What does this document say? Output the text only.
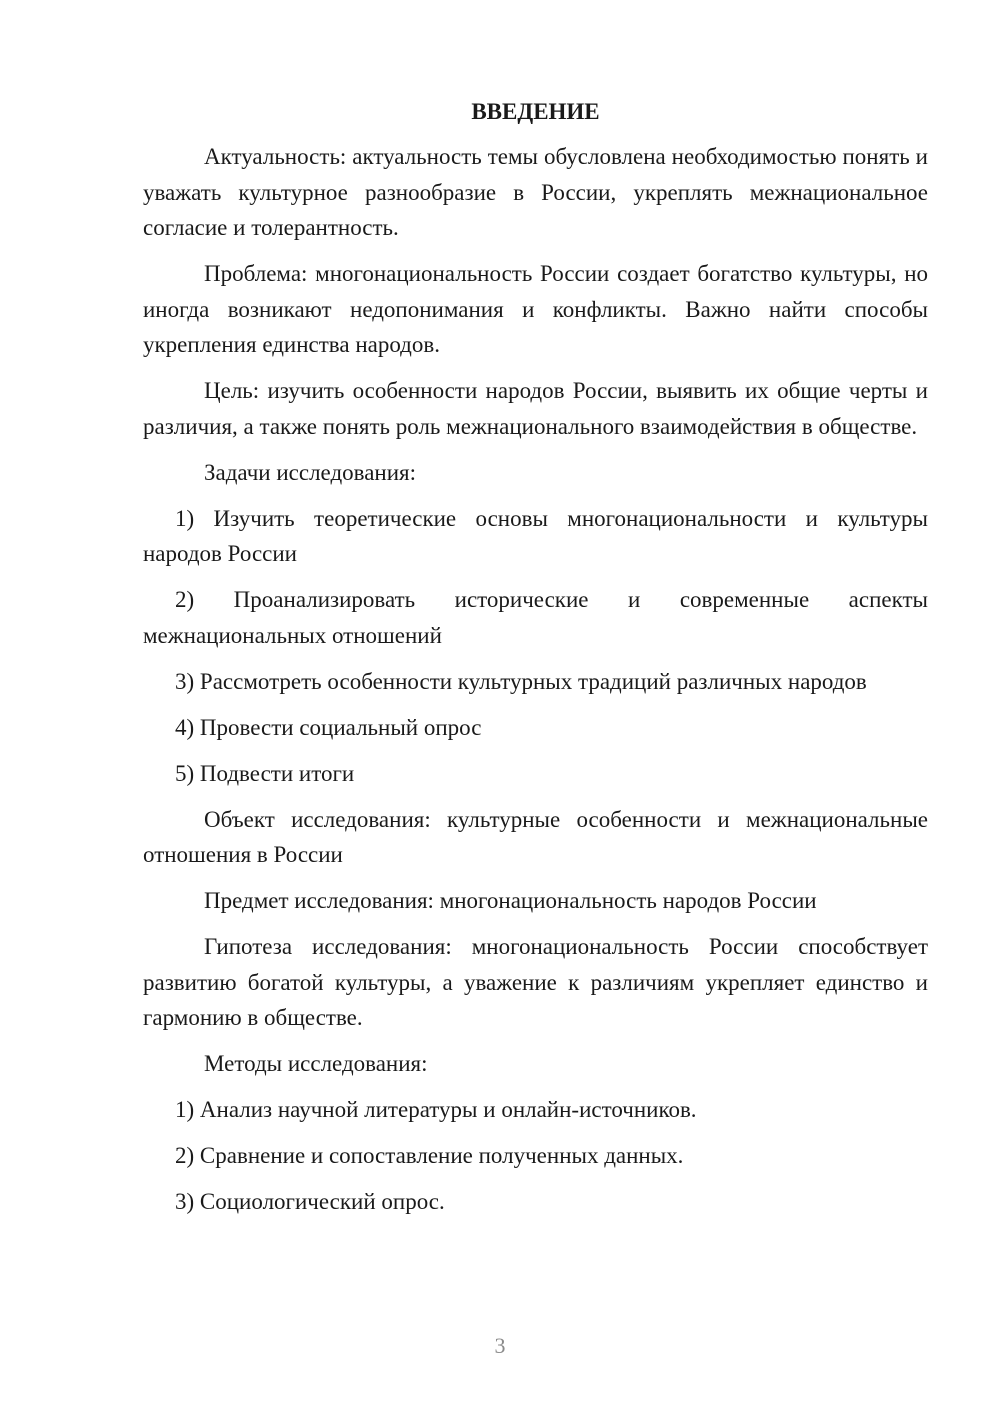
ВВЕДЕНИЕ

Актуальность: актуальность темы обусловлена необходимостью понять и уважать культурное разнообразие в России, укреплять межнациональное согласие и толерантность.

Проблема: многонациональность России создает богатство культуры, но иногда возникают недопонимания и конфликты. Важно найти способы укрепления единства народов.

Цель: изучить особенности народов России, выявить их общие черты и различия, а также понять роль межнационального взаимодействия в обществе.

Задачи исследования:

1) Изучить теоретические основы многонациональности и культуры народов России

2) Проанализировать исторические и современные аспекты межнациональных отношений

3) Рассмотреть особенности культурных традиций различных народов

4) Провести социальный опрос

5) Подвести итоги

Объект исследования: культурные особенности и межнациональные отношения в России

Предмет исследования: многонациональность народов России

Гипотеза исследования: многонациональность России способствует развитию богатой культуры, а уважение к различиям укрепляет единство и гармонию в обществе.

Методы исследования:

1) Анализ научной литературы и онлайн-источников.

2) Сравнение и сопоставление полученных данных.

3) Социологический опрос.

3
